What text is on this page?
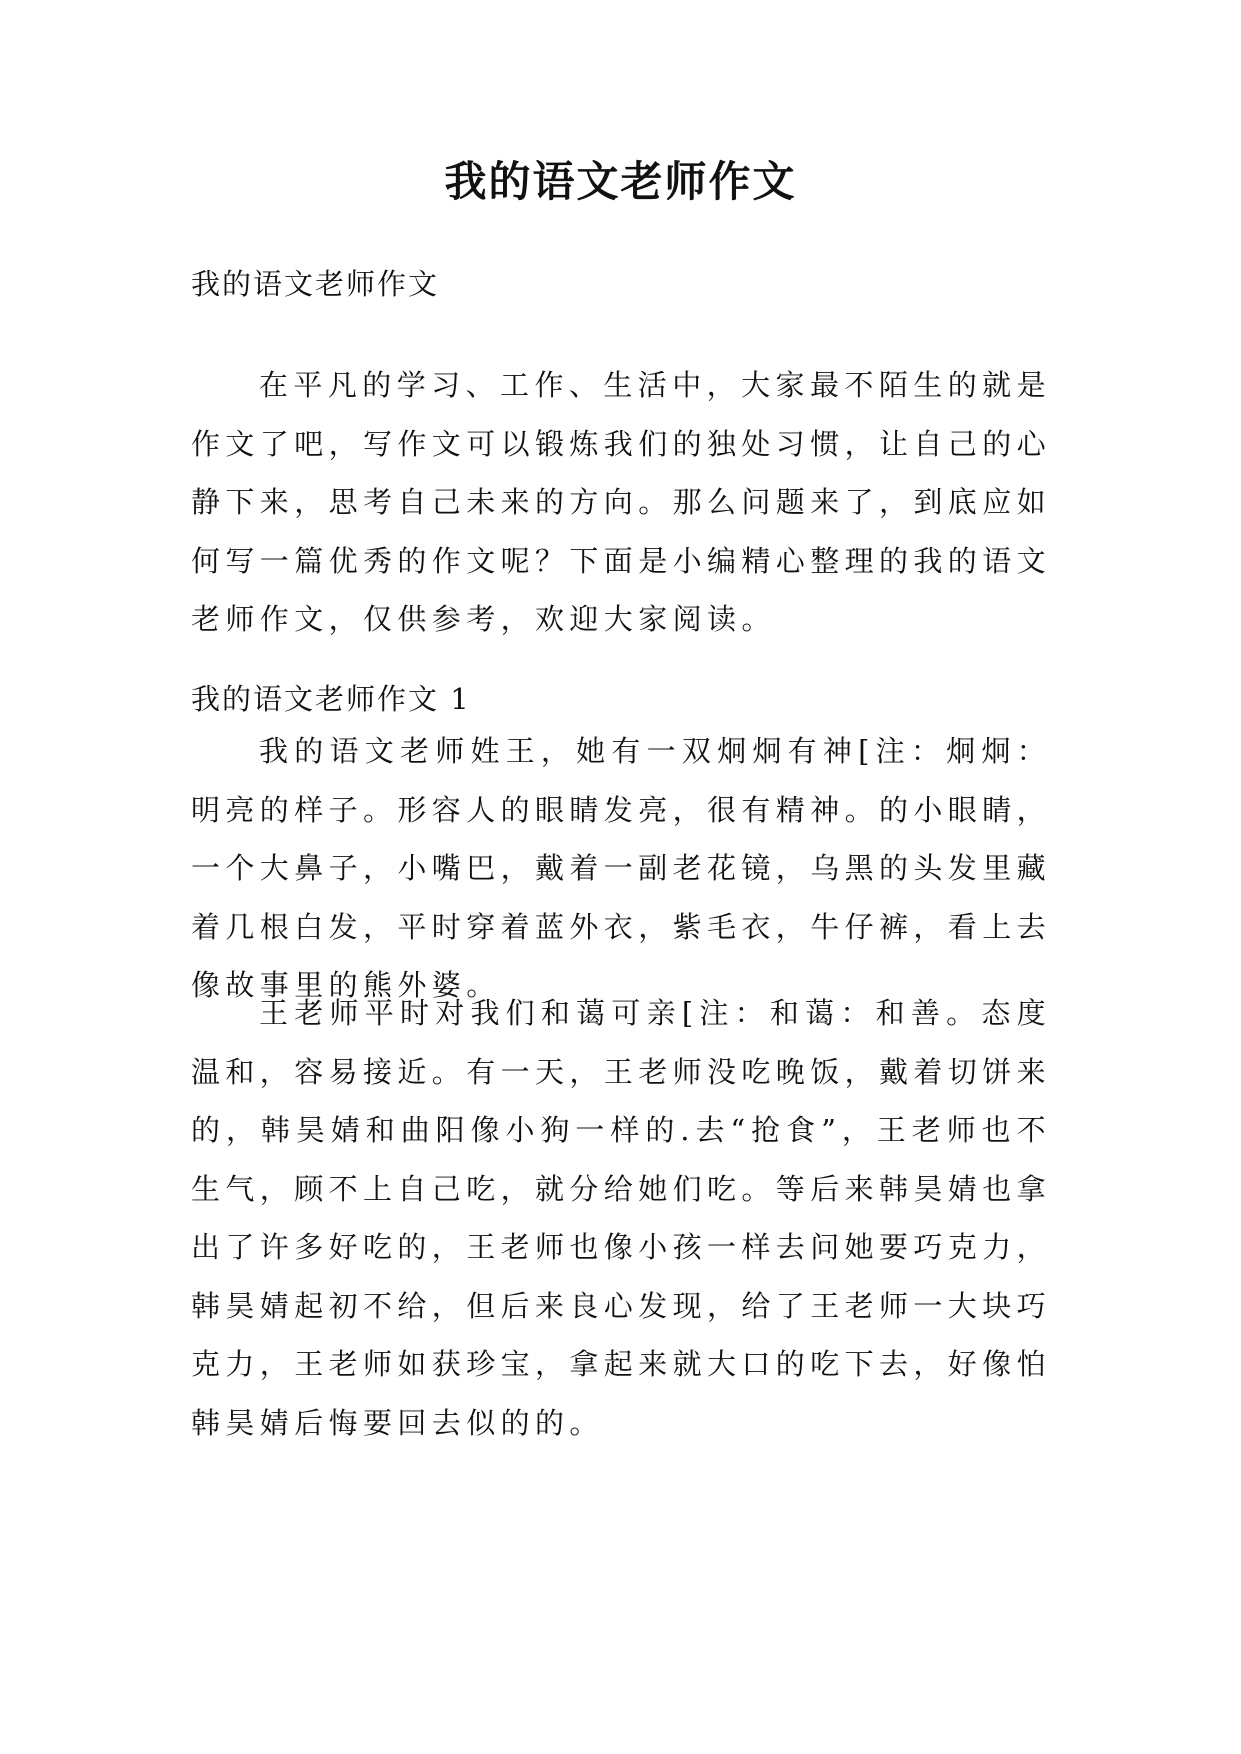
我的语文老师作文
我的语文老师作文

在平凡的学习、工作、生活中，大家最不陌生的就是作文了吧，写作文可以锻炼我们的独处习惯，让自己的心静下来，思考自己未来的方向。那么问题来了，到底应如何写一篇优秀的作文呢？下面是小编精心整理的我的语文老师作文，仅供参考，欢迎大家阅读。

我的语文老师作文 1

我的语文老师姓王，她有一双炯炯有神[注：炯炯：明亮的样子。形容人的眼睛发亮，很有精神。的小眼睛，一个大鼻子，小嘴巴，戴着一副老花镜，乌黑的头发里藏着几根白发，平时穿着蓝外衣，紫毛衣，牛仔裤，看上去像故事里的熊外婆。

王老师平时对我们和蔼可亲[注：和蔼：和善。态度温和，容易接近。有一天，王老师没吃晚饭，戴着切饼来的，韩昊婧和曲阳像小狗一样的.去“抢食”，王老师也不生气，顾不上自己吃，就分给她们吃。等后来韩昊婧也拿出了许多好吃的，王老师也像小孩一样去问她要巧克力，韩昊婧起初不给，但后来良心发现，给了王老师一大块巧克力，王老师如获珍宝，拿起来就大口的吃下去，好像怕韩昊婧后悔要回去似的的。
